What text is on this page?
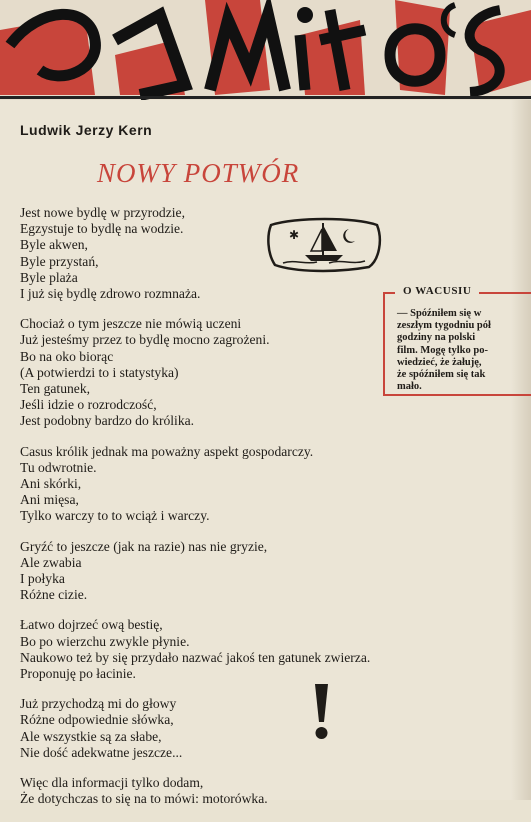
Ludwik Jerzy Kern
NOWY POTWÓR
✱
Jest nowe bydlę w przyrodzie,
Egzystuje to bydlę na wodzie.
Byle akwen,
Byle przystań,
Byle plaża
I już się bydlę zdrowo rozmnaża.
Chociaż o tym jeszcze nie mówią uczeni
Już jesteśmy przez to bydlę mocno zagrożeni.
Bo na oko biorąc
(A potwierdzi to i statystyka)
Ten gatunek,
Jeśli idzie o rozrodczość,
Jest podobny bardzo do królika.
Casus królik jednak ma poważny aspekt gospodarczy.
Tu odwrotnie.
Ani skórki,
Ani mięsa,
Tylko warczy to to wciąż i warczy.
Gryźć to jeszcze (jak na razie) nas nie gryzie,
Ale zwabia
I połyka
Różne cizie.
Łatwo dojrzeć ową bestię,
Bo po wierzchu zwykle płynie.
Naukowo też by się przydało nazwać jakoś ten gatunek zwierza.
Proponuję po łacinie.
Już przychodzą mi do głowy
Różne odpowiednie słówka,
Ale wszystkie są za słabe,
Nie dość adekwatne jeszcze...
Więc dla informacji tylko dodam,
Że dotychczas to się na to mówi: motorówka.
O WACUSIU
— Spóźniłem się w
zeszłym tygodniu pół
godziny na polski
film. Mogę tylko po-
wiedzieć, że żałuję,
że spóźniłem się tak
mało.
